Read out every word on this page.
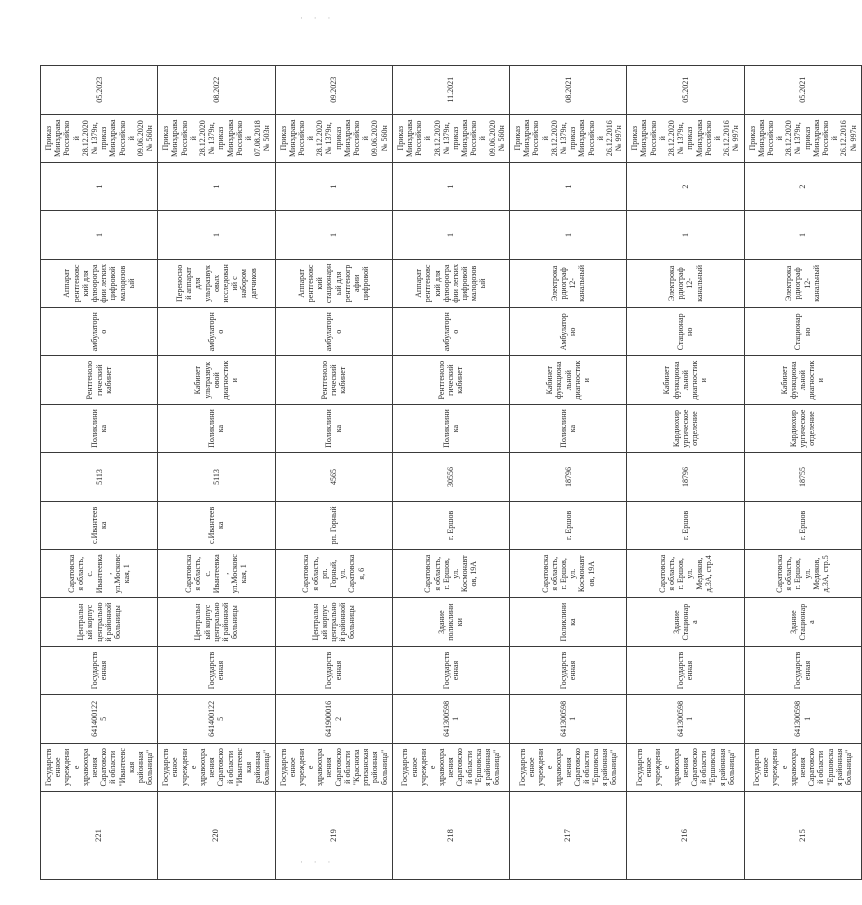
· · ·
· · ·
221	Государственное учреждение здравоохранения Саратовской области "Ивантеевская районная больница"	6414001225	Государственная	Центральный корпус центральной районной больницы	Саратовская область, с. Ивантеевка, ул.Московская, 1	с.Ивантеевка	5113	Поликлиника	Рентгенологический кабинет	амбулаторно	Аппарат рентгеновский для флюорографии легких цифровой малодозовый	1	1	Приказ Минздрава Российской 28.12.2020 № 1379н, приказ Минздрава Российской 09.06.2020 № 560н	05.2023
220	Государственное учреждение здравоохранения Саратовской области "Ивантеевская районная больница"	6414001225	Государственная	Центральный корпус центральной районной больницы	Саратовская область, с. Ивантеевка, ул.Московская, 1	с.Ивантеевка	5113	Поликлиника	Кабинет ультразвуковой диагностики	амбулаторно	Переносной аппарат для ультразвуковых исследований с набором датчиков	1	1	Приказ Минздрава Российской 28.12.2020 № 1379н, приказ Минздрава Российской 07.08.2018 № 503н	08.2022
219	Государственное учреждение здравоохранения Саратовской области "Краснопартизанская районная больница"	6419000162	Государственная	Центральный корпус центральной районной больницы	Саратовская область, рп. Горный, ул. Саратовская, 6	рп. Горный	4565	Поликлиника	Рентгенологический кабинет	амбулаторно	Аппарат рентгеновский стационарный для рентгенографии цифровой	1	1	Приказ Минздрава Российской 28.12.2020 № 1379н, приказ Минздрава Российской 09.06.2020 № 560н	09.2023
218	Государственное учреждение здравоохранения Саратовской области "Ершовская районная больница"	6413005981	Государственная	Здание поликлиники	Саратовская область, г. Ершов, ул. Космонавтов, 19А	г. Ершов	30556	Поликлиника	Рентгенологический кабинет	амбулаторно	Аппарат рентгеновский для флюорографии легких цифровой малодозовый	1	1	Приказ Минздрава Российской 28.12.2020 № 1379н, приказ Минздрава Российской 09.06.2020 № 560н	11.2021
217	Государственное учреждение здравоохранения Саратовской области "Ершовская районная больница"	6413005981	Государственная	Поликлиника	Саратовская область, г. Ершов, ул. Космонавтов, 19А	г. Ершов	18796	Поликлиника	Кабинет функциональной диагностики	Амбулаторно	Электрокардиограф 12-канальный	1	1	Приказ Минздрава Российской 28.12.2020 № 1379н, приказ Минздрава Российской 26.12.2016 № 997н	08.2021
216	Государственное учреждение здравоохранения Саратовской области "Ершовская районная больница"	6413005981	Государственная	Здание Стационара	Саратовская область, г. Ершов, ул. Медиков, д.3А, стр.4	г. Ершов	18796	Кардиохирургическое отделение	Кабинет функциональной диагностики	Стационарно	Электрокардиограф 12-канальный	1	2	Приказ Минздрава Российской 28.12.2020 № 1379н, приказ Минздрава Российской 26.12.2016 № 997н	05.2021
215	Государственное учреждение здравоохранения Саратовской области "Ершовская районная больница"	6413005981	Государственная	Здание Стационара	Саратовская область, г. Ершов, ул. Медиков, д.3А, стр.5	г. Ершов	18755	Кардиохирургическое отделение	Кабинет функциональной диагностики	Стационарно	Электрокардиограф 12-канальный	1	2	Приказ Минздрава Российской 28.12.2020 № 1379н, приказ Минздрава Российской 26.12.2016 № 997н	05.2021
